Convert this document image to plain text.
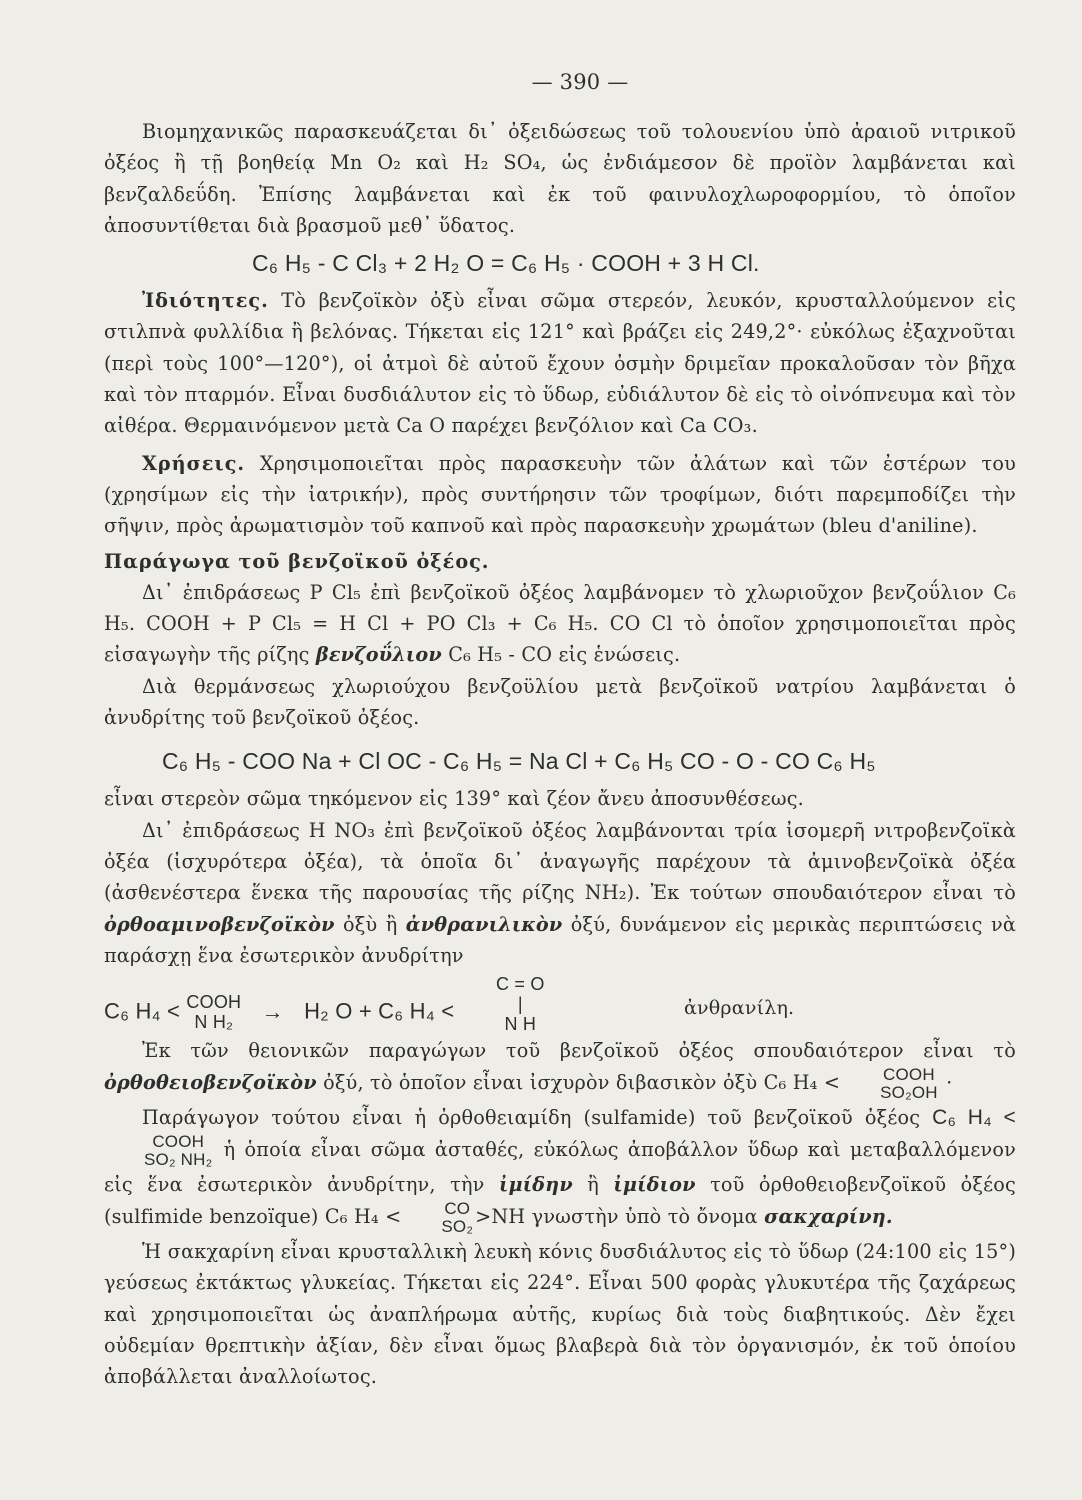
— 390 —

Βιομηχανικῶς παρασκευάζεται δι᾿ ὀξειδώσεως τοῦ τολουενίου ὑπὸ ἀραιοῦ νιτρικοῦ ὀξέος ἢ τῇ βοηθείᾳ Mn O₂ καὶ H₂ SO₄, ὡς ἐνδιάμεσον δὲ προϊὸν λαμβάνεται καὶ βενζαλδεΰδη. Ἐπίσης λαμβάνεται καὶ ἐκ τοῦ φαινυλοχλωροφορμίου, τὸ ὁποῖον ἀποσυντίθεται διὰ βρασμοῦ μεθ᾿ ὕδατος.

C₆ H₅ - C Cl₃ + 2 H₂ O = C₆ H₅ · COOH + 3 H Cl.

Ἰδιότητες. Τὸ βενζοϊκὸν ὀξὺ εἶναι σῶμα στερεόν, λευκόν, κρυσταλλούμενον εἰς στιλπνὰ φυλλίδια ἢ βελόνας. Τήκεται εἰς 121° καὶ βράζει εἰς 249,2°· εὐκόλως ἐξαχνοῦται (περὶ τοὺς 100°—120°), οἱ ἀτμοὶ δὲ αὐτοῦ ἔχουν ὀσμὴν δριμεῖαν προκαλοῦσαν τὸν βῆχα καὶ τὸν πταρμόν. Εἶναι δυσδιάλυτον εἰς τὸ ὕδωρ, εὐδιάλυτον δὲ εἰς τὸ οἰνόπνευμα καὶ τὸν αἰθέρα. Θερμαινόμενον μετὰ Ca O παρέχει βενζόλιον καὶ Ca CO₃.

Χρήσεις. Χρησιμοποιεῖται πρὸς παρασκευὴν τῶν ἀλάτων καὶ τῶν ἐστέρων του (χρησίμων εἰς τὴν ἰατρικήν), πρὸς συντήρησιν τῶν τροφίμων, διότι παρεμποδίζει τὴν σῆψιν, πρὸς ἀρωματισμὸν τοῦ καπνοῦ καὶ πρὸς παρασκευὴν χρωμάτων (bleu d'aniline).

Παράγωγα τοῦ βενζοϊκοῦ ὀξέος.

Δι᾿ ἐπιδράσεως P Cl₅ ἐπὶ βενζοϊκοῦ ὀξέος λαμβάνομεν τὸ χλωριοῦχον βενζοΰλιον C₆ H₅. COOH + P Cl₅ = H Cl + PO Cl₃ + C₆ H₅. CO Cl τὸ ὁποῖον χρησιμοποιεῖται πρὸς εἰσαγωγὴν τῆς ρίζης βενζοΰλιον C₆ H₅ - CO εἰς ἑνώσεις.

Διὰ θερμάνσεως χλωριούχου βενζοϋλίου μετὰ βενζοϊκοῦ νατρίου λαμβάνεται ὁ ἀνυδρίτης τοῦ βενζοϊκοῦ ὀξέος.

C₆ H₅ - COO Na + Cl OC - C₆ H₅ = Na Cl + C₆ H₅ CO - O - CO C₆ H₅

εἶναι στερεὸν σῶμα τηκόμενον εἰς 139° καὶ ζέον ἄνευ ἀποσυνθέσεως.

Δι᾿ ἐπιδράσεως H NO₃ ἐπὶ βενζοϊκοῦ ὀξέος λαμβάνονται τρία ἰσομερῆ νιτροβενζοϊκὰ ὀξέα (ἰσχυρότερα ὀξέα), τὰ ὁποῖα δι᾿ ἀναγωγῆς παρέχουν τὰ ἀμινοβενζοϊκὰ ὀξέα (ἀσθενέστερα ἕνεκα τῆς παρουσίας τῆς ρίζης NH₂). Ἐκ τούτων σπουδαιότερον εἶναι τὸ ὀρθοαμινοβενζοϊκὸν ὀξὺ ἢ ἀνθρανιλικὸν ὀξύ, δυνάμενον εἰς μερικὰς περιπτώσεις νὰ παράσχῃ ἕνα ἐσωτερικὸν ἀνυδρίτην

C₆ H₄ < COOH
N H₂	→ H₂ O + C₆ H₄ <
C = O
|
N H
ἀνθρανίλη.

Ἐκ τῶν θειονικῶν παραγώγων τοῦ βενζοϊκοῦ ὀξέος σπουδαιότερον εἶναι τὸ ὀρθοθειοβενζοϊκὸν ὀξύ, τὸ ὁποῖον εἶναι ἰσχυρὸν διβασικὸν ὀξὺ C₆ H₄ <	COOH
SO₂OH ·

Παράγωγον τούτου εἶναι ἡ ὀρθοθειαμίδη (sulfamide) τοῦ βενζοϊκοῦ ὀξέος C₆ H₄ <
COOH
SO₂ NH₂ ἡ ὁποία εἶναι σῶμα ἀσταθές, εὐκόλως ἀποβάλλον ὕδωρ καὶ μεταβαλλόμενον εἰς ἕνα ἐσωτερικὸν ἀνυδρίτην, τὴν ἰμίδην ἢ ἰμίδιον τοῦ ὀρθοθειοβενζοϊκοῦ ὀξέος (sulfimide benzoïque) C₆ H₄ <	CO
SO₂ >NH γνωστὴν ὑπὸ τὸ ὄνομα σακχαρίνη.

Ἡ σακχαρίνη εἶναι κρυσταλλικὴ λευκὴ κόνις δυσδιάλυτος εἰς τὸ ὕδωρ (24:100 εἰς 15°) γεύσεως ἐκτάκτως γλυκείας. Τήκεται εἰς 224°. Εἶναι 500 φορὰς γλυκυτέρα τῆς ζαχάρεως καὶ χρησιμοποιεῖται ὡς ἀναπλήρωμα αὐτῆς, κυρίως διὰ τοὺς διαβητικούς. Δὲν ἔχει οὐδεμίαν θρεπτικὴν ἀξίαν, δὲν εἶναι ὅμως βλαβερὰ διὰ τὸν ὀργανισμόν, ἐκ τοῦ ὁποίου ἀποβάλλεται ἀναλλοίωτος.
